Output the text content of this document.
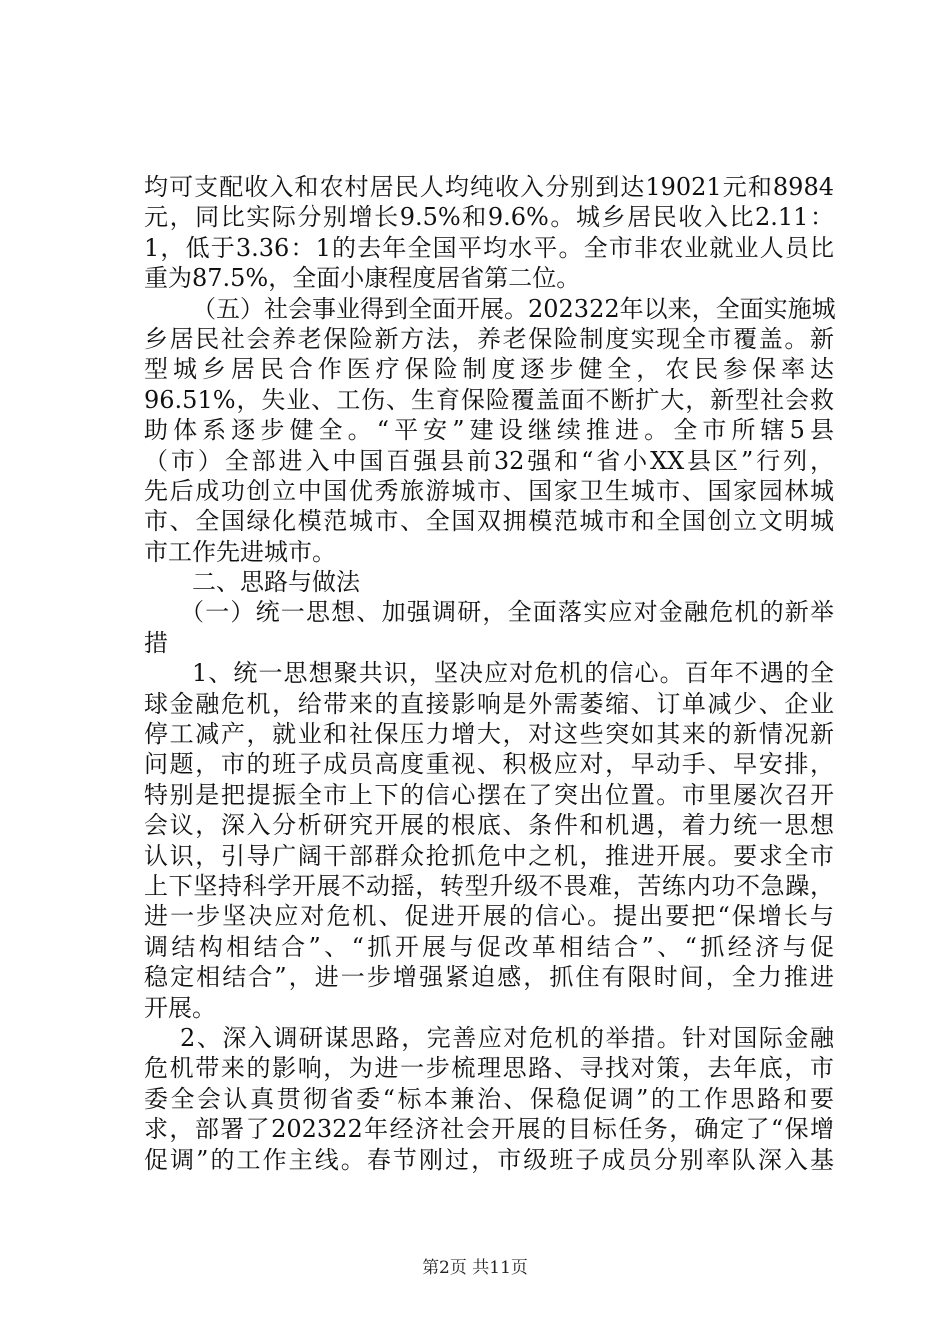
均可支配收入和农村居民人均纯收入分别到达19021元和8984
元，同比实际分别增长9.5%和9.6%。城乡居民收入比2.11：
1，低于3.36：1的去年全国平均水平。全市非农业就业人员比
重为87.5%，全面小康程度居省第二位。
（五）社会事业得到全面开展。202322年以来，全面实施城
乡居民社会养老保险新方法，养老保险制度实现全市覆盖。新
型城乡居民合作医疗保险制度逐步健全，农民参保率达
96.51%，失业、工伤、生育保险覆盖面不断扩大，新型社会救
助体系逐步健全。“平安”建设继续推进。全市所辖5县
（市）全部进入中国百强县前32强和“省小XX县区”行列，
先后成功创立中国优秀旅游城市、国家卫生城市、国家园林城
市、全国绿化模范城市、全国双拥模范城市和全国创立文明城
市工作先进城市。
二、思路与做法
（一）统一思想、加强调研，全面落实应对金融危机的新举
措
1、统一思想聚共识，坚决应对危机的信心。百年不遇的全
球金融危机，给带来的直接影响是外需萎缩、订单减少、企业
停工减产，就业和社保压力增大，对这些突如其来的新情况新
问题，市的班子成员高度重视、积极应对，早动手、早安排，
特别是把提振全市上下的信心摆在了突出位置。市里屡次召开
会议，深入分析研究开展的根底、条件和机遇，着力统一思想
认识，引导广阔干部群众抢抓危中之机，推进开展。要求全市
上下坚持科学开展不动摇，转型升级不畏难，苦练内功不急躁，
进一步坚决应对危机、促进开展的信心。提出要把“保增长与
调结构相结合”、“抓开展与促改革相结合”、“抓经济与促
稳定相结合”，进一步增强紧迫感，抓住有限时间，全力推进
开展。
2、深入调研谋思路，完善应对危机的举措。针对国际金融
危机带来的影响，为进一步梳理思路、寻找对策，去年底，市
委全会认真贯彻省委“标本兼治、保稳促调”的工作思路和要
求，部署了202322年经济社会开展的目标任务，确定了“保增
促调”的工作主线。春节刚过，市级班子成员分别率队深入基
第2页 共11页
